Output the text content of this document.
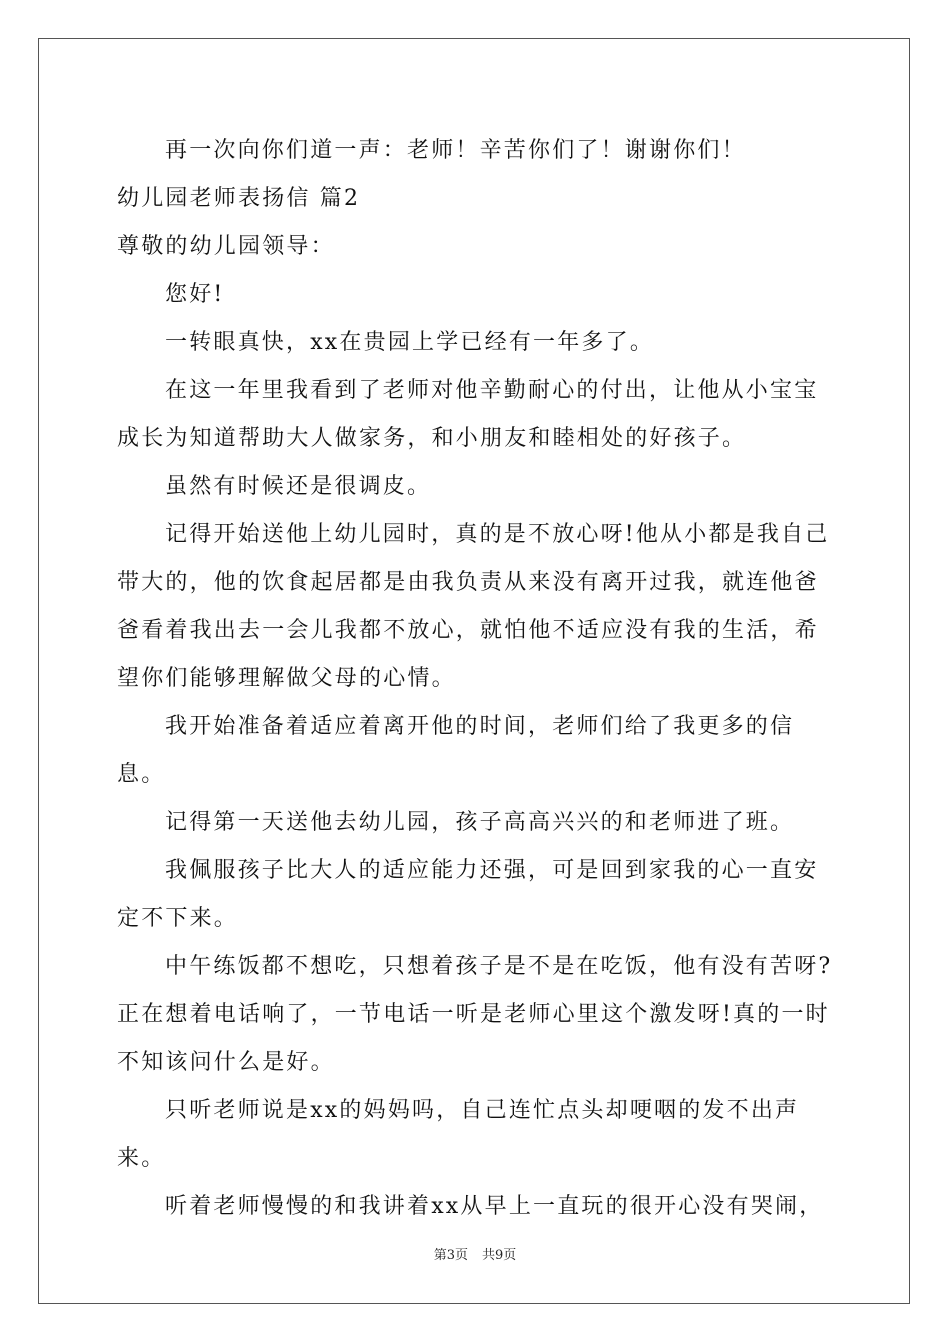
再一次向你们道一声：老师！辛苦你们了！谢谢你们！

幼儿园老师表扬信 篇2

尊敬的幼儿园领导：

您好!

一转眼真快，xx在贵园上学已经有一年多了。

在这一年里我看到了老师对他辛勤耐心的付出，让他从小宝宝成长为知道帮助大人做家务，和小朋友和睦相处的好孩子。

虽然有时候还是很调皮。

记得开始送他上幼儿园时，真的是不放心呀!他从小都是我自己带大的，他的饮食起居都是由我负责从来没有离开过我，就连他爸爸看着我出去一会儿我都不放心，就怕他不适应没有我的生活，希望你们能够理解做父母的心情。

我开始准备着适应着离开他的时间，老师们给了我更多的信息。

记得第一天送他去幼儿园，孩子高高兴兴的和老师进了班。

我佩服孩子比大人的适应能力还强，可是回到家我的心一直安定不下来。

中午练饭都不想吃，只想着孩子是不是在吃饭，他有没有苦呀?正在想着电话响了，一节电话一听是老师心里这个激发呀!真的一时不知该问什么是好。

只听老师说是xx的妈妈吗，自己连忙点头却哽咽的发不出声来。

听着老师慢慢的和我讲着xx从早上一直玩的很开心没有哭闹，

第3页 共9页
